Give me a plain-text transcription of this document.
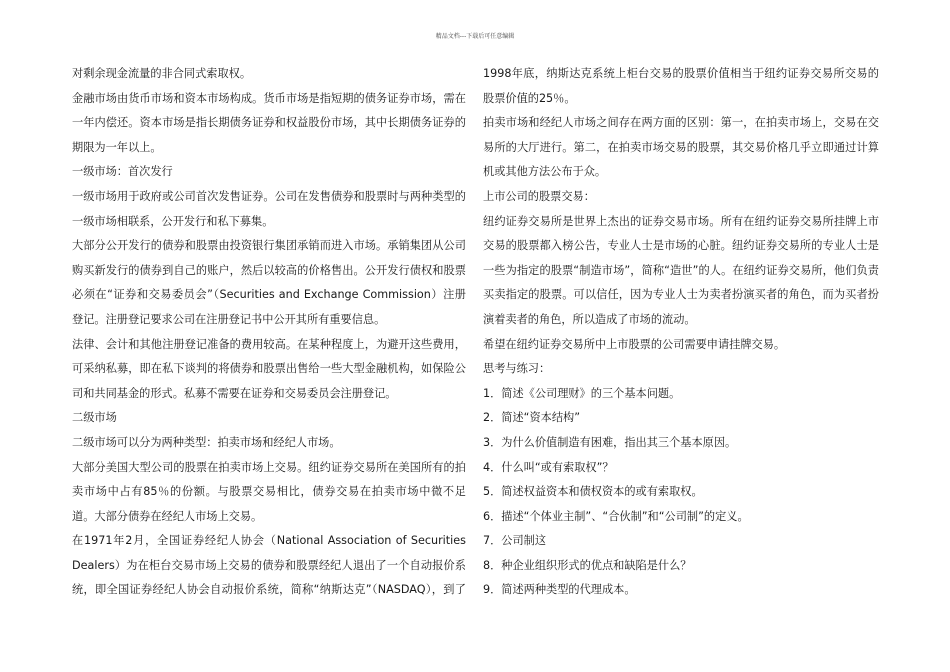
精品文档---下载后可任意编辑

对剩余现金流量的非合同式索取权。

金融市场由货币市场和资本市场构成。货币市场是指短期的债务证券市场，需在一年内偿还。资本市场是指长期债务证券和权益股份市场，其中长期债务证券的期限为一年以上。

一级市场：首次发行

一级市场用于政府或公司首次发售证券。公司在发售债券和股票时与两种类型的一级市场相联系，公开发行和私下募集。

大部分公开发行的债券和股票由投资银行集团承销而进入市场。承销集团从公司购买新发行的债券到自己的账户，然后以较高的价格售出。公开发行债权和股票必须在“证券和交易委员会”（Securities and Exchange Commission）注册登记。注册登记要求公司在注册登记书中公开其所有重要信息。

法律、会计和其他注册登记准备的费用较高。在某种程度上，为避开这些费用，可采纳私募，即在私下谈判的将债券和股票出售给一些大型金融机构，如保险公司和共同基金的形式。私募不需要在证券和交易委员会注册登记。

二级市场

二级市场可以分为两种类型：拍卖市场和经纪人市场。

大部分美国大型公司的股票在拍卖市场上交易。纽约证券交易所在美国所有的拍卖市场中占有85％的份额。与股票交易相比，债券交易在拍卖市场中微不足道。大部分债券在经纪人市场上交易。

在1971年2月，全国证券经纪人协会（National Association of Securities Dealers）为在柜台交易市场上交易的债券和股票经纪人退出了一个自动报价系统，即全国证券经纪人协会自动报价系统，简称“纳斯达克”（NASDAQ），到了

1998年底，纳斯达克系统上柜台交易的股票价值相当于纽约证券交易所交易的股票价值的25％。

拍卖市场和经纪人市场之间存在两方面的区别：第一，在拍卖市场上，交易在交易所的大厅进行。第二，在拍卖市场交易的股票，其交易价格几乎立即通过计算机或其他方法公布于众。

上市公司的股票交易：

纽约证券交易所是世界上杰出的证券交易市场。所有在纽约证券交易所挂牌上市交易的股票都入榜公告，专业人士是市场的心脏。纽约证券交易所的专业人士是一些为指定的股票“制造市场”，简称“造世”的人。在纽约证券交易所，他们负责买卖指定的股票。可以信任，因为专业人士为卖者扮演买者的角色，而为买者扮演着卖者的角色，所以造成了市场的流动。

希望在纽约证券交易所中上市股票的公司需要申请挂牌交易。

思考与练习：

1．简述《公司理财》的三个基本问题。

2．简述“资本结构”

3．为什么价值制造有困难，指出其三个基本原因。

4．什么叫“或有索取权”？

5．简述权益资本和债权资本的或有索取权。

6．描述“个体业主制”、“合伙制”和“公司制”的定义。

7．公司制这

8．种企业组织形式的优点和缺陷是什么？

9．简述两种类型的代理成本。
